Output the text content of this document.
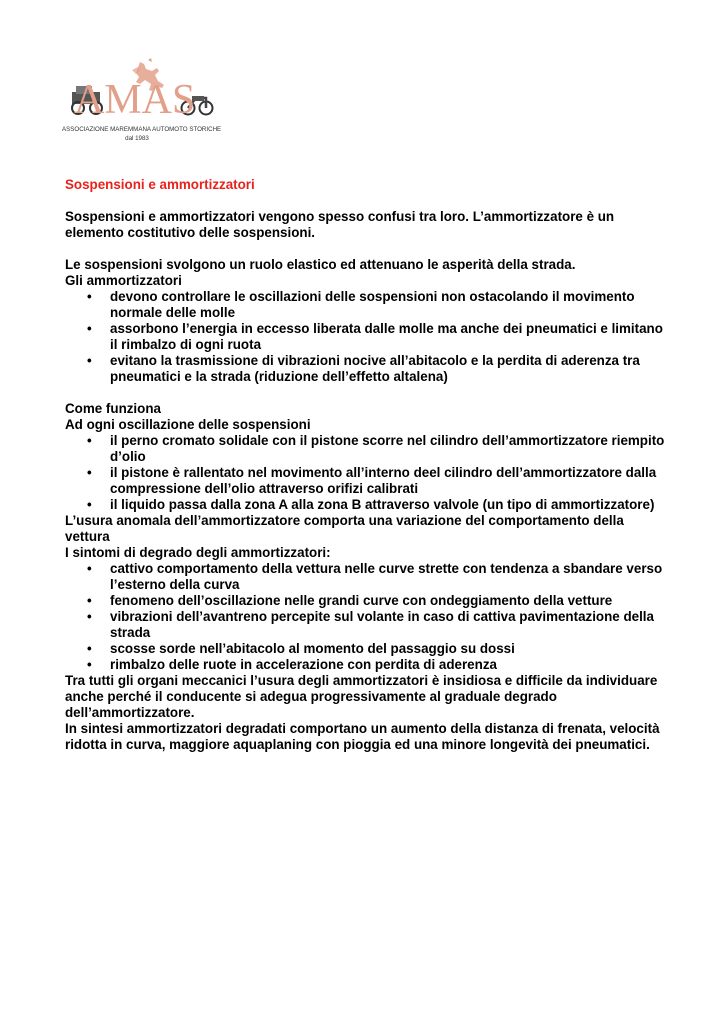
AMAS
ASSOCIAZIONE MAREMMANA AUTOMOTO STORICHE
dal 1983

Sospensioni e ammortizzatori

Sospensioni e ammortizzatori vengono spesso confusi tra loro. L’ammortizzatore è un elemento costitutivo delle sospensioni.

Le sospensioni svolgono un ruolo elastico ed attenuano le asperità della strada.

Gli ammortizzatori

• devono controllare le oscillazioni delle sospensioni non ostacolando il movimento normale delle molle
• assorbono l’energia in eccesso liberata dalle molle ma anche dei pneumatici e limitano il rimbalzo di ogni ruota
• evitano la trasmissione di vibrazioni nocive all’abitacolo e la perdita di aderenza tra pneumatici e la strada (riduzione dell’effetto altalena)

Come funziona

Ad ogni oscillazione delle sospensioni

• il perno cromato solidale con il pistone scorre nel cilindro dell’ammortizzatore riempito d’olio
• il pistone è rallentato nel movimento all’interno deel cilindro dell’ammortizzatore dalla compressione dell’olio attraverso orifizi calibrati
• il liquido passa dalla zona A alla zona B attraverso valvole (un tipo di ammortizzatore)

L’usura anomala dell’ammortizzatore comporta una variazione del comportamento della vettura

I sintomi di degrado degli ammortizzatori:

• cattivo comportamento della vettura nelle curve strette con tendenza a sbandare verso l’esterno della curva
• fenomeno dell’oscillazione nelle grandi curve con ondeggiamento della vetture
• vibrazioni dell’avantreno percepite sul volante in caso di cattiva pavimentazione della strada
• scosse sorde nell’abitacolo al momento del passaggio su dossi
• rimbalzo delle ruote in accelerazione con perdita di aderenza

Tra tutti gli organi meccanici l’usura degli ammortizzatori è insidiosa e difficile da individuare anche perché il conducente si adegua progressivamente al graduale degrado dell’ammortizzatore.

In sintesi ammortizzatori degradati comportano un aumento della distanza di frenata, velocità ridotta in curva, maggiore aquaplaning con pioggia ed una minore longevità dei pneumatici.
